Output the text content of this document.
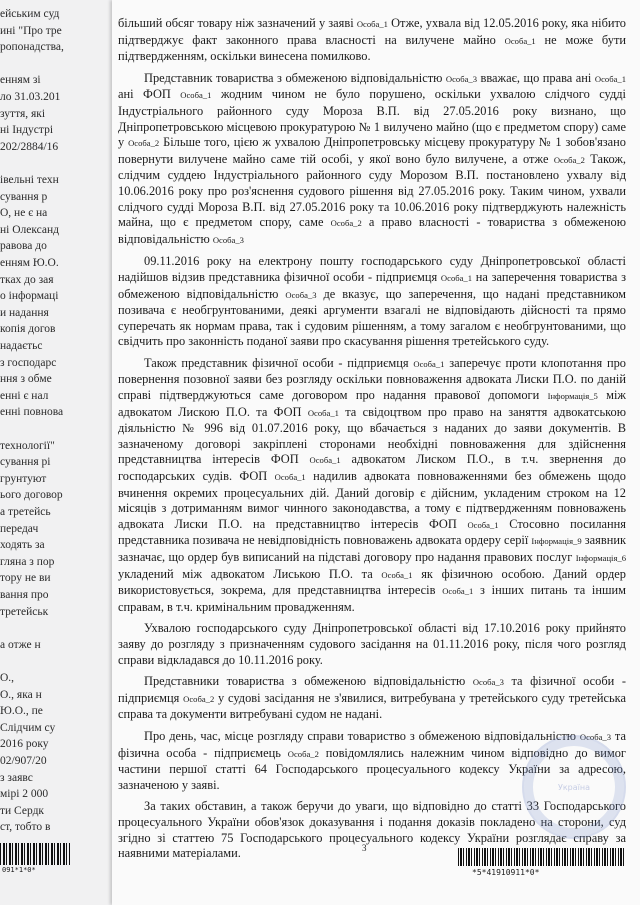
ейським суд
ині "Про тре
ропонадства,
енням зі
ло 31.03.201
зуття, які
ні Індустрі
202/2884/16
івельні техн
сування р
О, не є на
ні Олександ
равова до
енням Ю.О.
тках до зая
о інформаці
и надання
копія догов
надаєтьс
з господарс
ння з обме
енні є нал
енні повнова
технології"
сування рі
грунтуют
ього договор
а третейсь
передач
ходять за
гляна з пор
тору не ви
вання про
третейськ
а отже н
О.,
О., яка н
Ю.О., пе
Слідчим су
2016 року
02/907/20
з заявс
мірі 2 000
ти Сердк
ст, тобто в
091*1*0*

більший обсяг товару ніж зазначений у заяві Особа_1 Отже, ухвала від 12.05.2016 року, яка нібито підтверджує факт законного права власності на вилучене майно Особа_1 не може бути підтвердженням, оскільки винесена помилково.

Представник товариства з обмеженою відповідальністю Особа_3 вважає, що права ані Особа_1 ані ФОП Особа_1 жодним чином не було порушено, оскільки ухвалою слідчого судді Індустріального районного суду Мороза В.П. від 27.05.2016 року визнано, що Дніпропетровською місцевою прокуратурою № 1 вилучено майно (що є предметом спору) саме у Особа_2 Більше того, цією ж ухвалою Дніпропетровську місцеву прокуратуру № 1 зобов'язано повернути вилучене майно саме тій особі, у якої воно було вилучене, а отже Особа_2 Також, слідчим суддею Індустріального районного суду Морозом В.П. постановлено ухвалу від 10.06.2016 року про роз'яснення судового рішення від 27.05.2016 року. Таким чином, ухвали слідчого судді Мороза В.П. від 27.05.2016 року та 10.06.2016 року підтверджують належність майна, що є предметом спору, саме Особа_2 а право власності - товариства з обмеженою відповідальністю Особа_3

09.11.2016 року на електрону пошту господарського суду Дніпропетровської області надійшов відзив представника фізичної особи - підприємця Особа_1 на заперечення товариства з обмеженою відповідальністю Особа_3 де вказує, що заперечення, що надані представником позивача є необгрунтованими, деякі аргументи взагалі не відповідають дійсності та прямо суперечать як нормам права, так і судовим рішенням, а тому загалом є необгрунтованими, що свідчить про законність поданої заяви про скасування рішення третейського суду.

Також представник фізичної особи - підприємця Особа_1 заперечує проти клопотання про повернення позовної заяви без розгляду оскільки повноваження адвоката Лиски П.О. по даній справі підтверджуються саме договором про надання правової допомоги Інформація_5 між адвокатом Лискою П.О. та ФОП Особа_1 та свідоцтвом про право на заняття адвокатською діяльністю № 996 від 01.07.2016 року, що вбачається з наданих до заяви документів. В зазначеному договорі закріплені сторонами необхідні повноваження для здійснення представництва інтересів ФОП Особа_1 адвокатом Лиском П.О., в т.ч. звернення до господарських судів. ФОП Особа_1 надилив адвоката повноваженнями без обмежень щодо вчинення окремих процесуальних дій. Даний договір є дійсним, укладеним строком на 12 місяців з дотриманням вимог чинного законодавства, а тому є підтвердженням повноважень адвоката Лиски П.О. на представництво інтересів ФОП Особа_1 Стосовно посилання представника позивача не невідповідність повноважень адвоката ордеру серії Інформація_9 заявник зазначає, що ордер був виписаний на підставі договору про надання правових послуг Інформація_6 укладений між адвокатом Лиською П.О. та Особа_1 як фізичною особою. Даний ордер використовується, зокрема, для представництва інтересів Особа_1 з інших питань та іншим справам, в т.ч. кримінальним провадженням.

Ухвалою господарського суду Дніпропетровської області від 17.10.2016 року прийнято заяву до розгляду з призначенням судового засідання на 01.11.2016 року, після чого розгляд справи відкладався до 10.11.2016 року.

Представники товариства з обмеженою відповідальністю Особа_3 та фізичної особи - підприємця Особа_2 у судові засідання не з'явилися, витребувана у третейського суду третейська справа та документи витребувані судом не надані.

Про день, час, місце розгляду справи товариство з обмеженою відповідальністю Особа_3 та фізична особа - підприємець Особа_2 повідомлялись належним чином відповідно до вимог частини першої статті 64 Господарського процесуального кодексу України за адресою, зазначеною у заяві.

За таких обставин, а також беручи до уваги, що відповідно до статті 33 Господарського процесуального України обов'язок доказування і подання доказів покладено на сторони, суд згідно зі статтею 75 Господарського процесуального кодексу України розглядає справу за наявними матеріалами.

Україна
3
*5*41910911*0*
